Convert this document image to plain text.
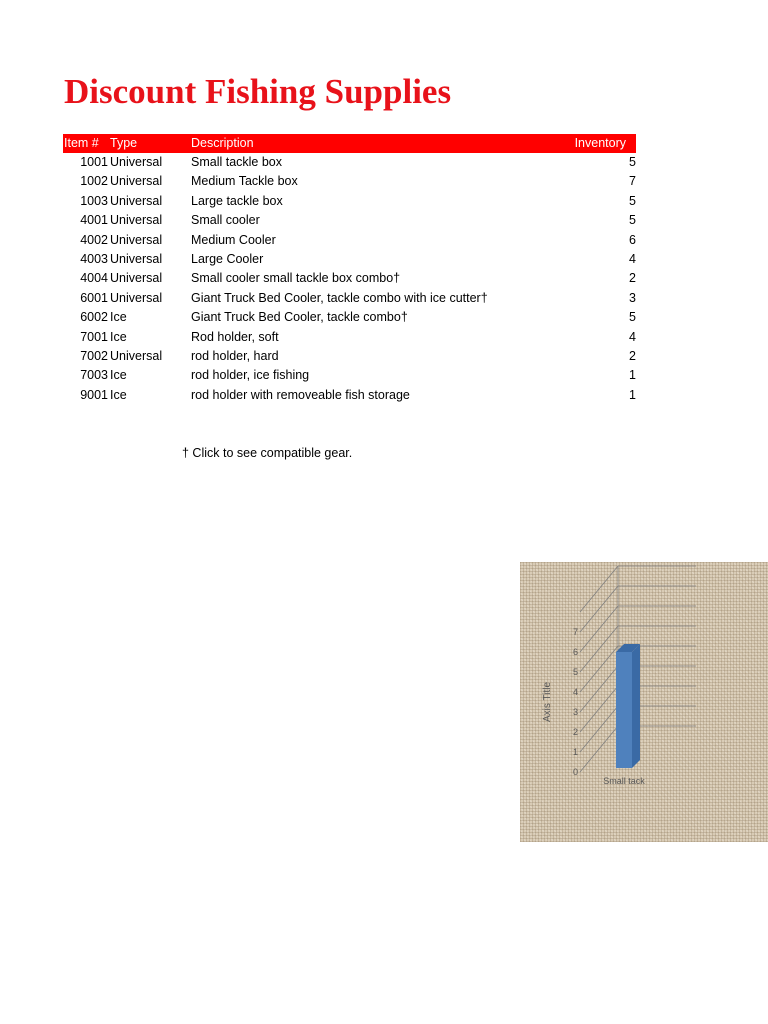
Discount Fishing Supplies
Item # Type	Description	Inventory
1001 Universal Small tackle box	5
1002 Universal Medium Tackle box	7
1003 Universal Large tackle box	5
4001 Universal Small cooler	5
4002 Universal Medium Cooler	6
4003 Universal Large Cooler	4
4004 Universal Small cooler small tackle box combo†	2
6001 Universal Giant Truck Bed Cooler, tackle combo with ice cutter†	3
6002 Ice	Giant Truck Bed Cooler, tackle combo†	5
7001 Ice	Rod holder, soft	4
7002 Universal rod holder, hard	2
7003 Ice	rod holder, ice fishing	1
9001 Ice	rod holder with removeable fish storage	1
† Click to see compatible gear.
0
1
2
3
4
5
6
7
Axis Title
Small tack
